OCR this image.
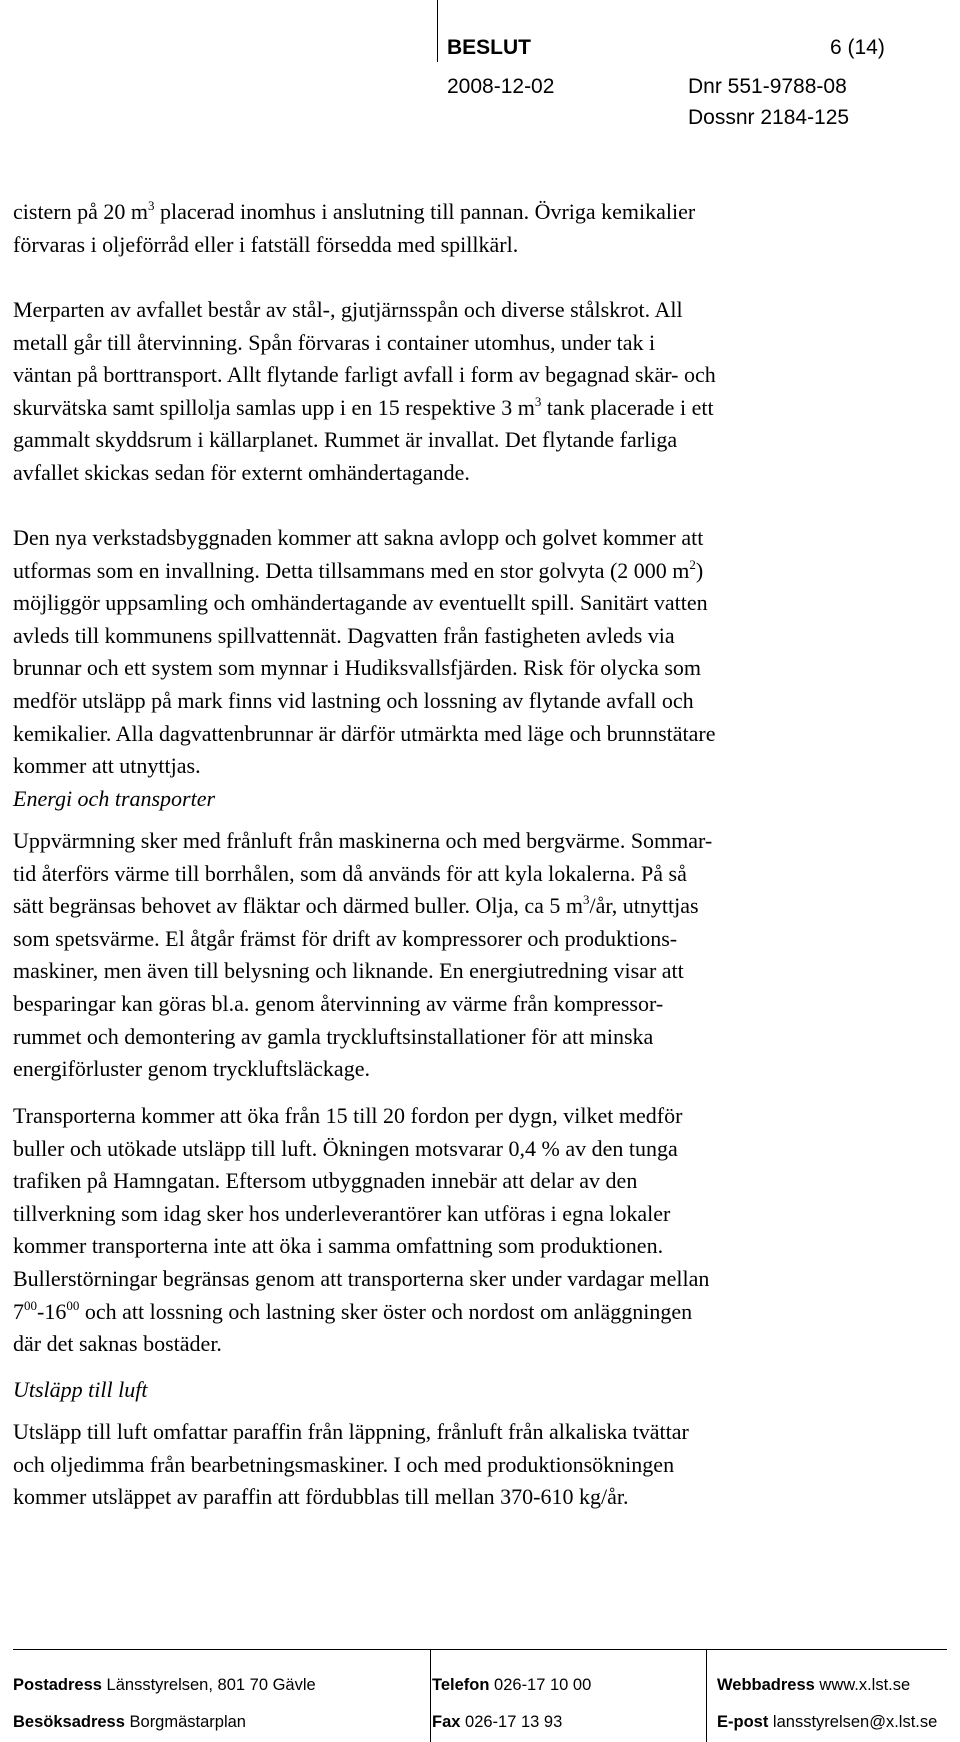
BESLUT	6 (14)
2008-12-02	Dnr 551-9788-08
Dossnr 2184-125

cistern på 20 $m^3$ placerad inomhus i anslutning till pannan. Övriga kemikalier

förvaras i oljeförråd eller i fatställ försedda med spillkärl.

Merparten av avfallet består av stål-, gjutjärnsspån och diverse stålskrot. All

metall går till återvinning. Spån förvaras i container utomhus, under tak i

väntan på borttransport. Allt flytande farligt avfall i form av begagnad skär- och

skurvätska samt spillolja samlas upp i en 15 respektive 3 $m^3$ tank placerade i ett

gammalt skyddsrum i källarplanet. Rummet är invallat. Det flytande farliga

avfallet skickas sedan för externt omhändertagande.

Den nya verkstadsbyggnaden kommer att sakna avlopp och golvet kommer att

utformas som en invallning. Detta tillsammans med en stor golvyta (2 000 $m^2$)

möjliggör uppsamling och omhändertagande av eventuellt spill. Sanitärt vatten

avleds till kommunens spillvattennät. Dagvatten från fastigheten avleds via

brunnar och ett system som mynnar i Hudiksvallsfjärden. Risk för olycka som

medför utsläpp på mark finns vid lastning och lossning av flytande avfall och

kemikalier. Alla dagvattenbrunnar är därför utmärkta med läge och brunnstätare

kommer att utnyttjas.

Energi och transporter

Uppvärmning sker med frånluft från maskinerna och med bergvärme. Sommar-

tid återförs värme till borrhålen, som då används för att kyla lokalerna. På så

sätt begränsas behovet av fläktar och därmed buller. Olja, ca 5 $m^3/år$, utnyttjas

som spetsvärme. El åtgår främst för drift av kompressorer och produktions-

maskiner, men även till belysning och liknande. En energiutredning visar att

besparingar kan göras bl.a. genom återvinning av värme från kompressor-

rummet och demontering av gamla tryckluftsinstallationer för att minska

energiförluster genom tryckluftsläckage.

Transporterna kommer att öka från 15 till 20 fordon per dygn, vilket medför

buller och utökade utsläpp till luft. Ökningen motsvarar 0,4 % av den tunga

trafiken på Hamngatan. Eftersom utbyggnaden innebär att delar av den

tillverkning som idag sker hos underleverantörer kan utföras i egna lokaler

kommer transporterna inte att öka i samma omfattning som produktionen.

Bullerstörningar begränsas genom att transporterna sker under vardagar mellan

$7^{00}-16^{00}$ och att lossning och lastning sker öster och nordost om anläggningen

där det saknas bostäder.

Utsläpp till luft

Utsläpp till luft omfattar paraffin från läppning, frånluft från alkaliska tvättar

och oljedimma från bearbetningsmaskiner. I och med produktionsökningen

kommer utsläppet av paraffin att fördubblas till mellan 370-610 kg/år.

Postadress Länsstyrelsen, 801 70 Gävle
Besöksadress Borgmästarplan
Telefon 026-17 10 00
Fax 026-17 13 93
Webbadress www.x.lst.se
E-post lansstyrelsen@x.lst.se
